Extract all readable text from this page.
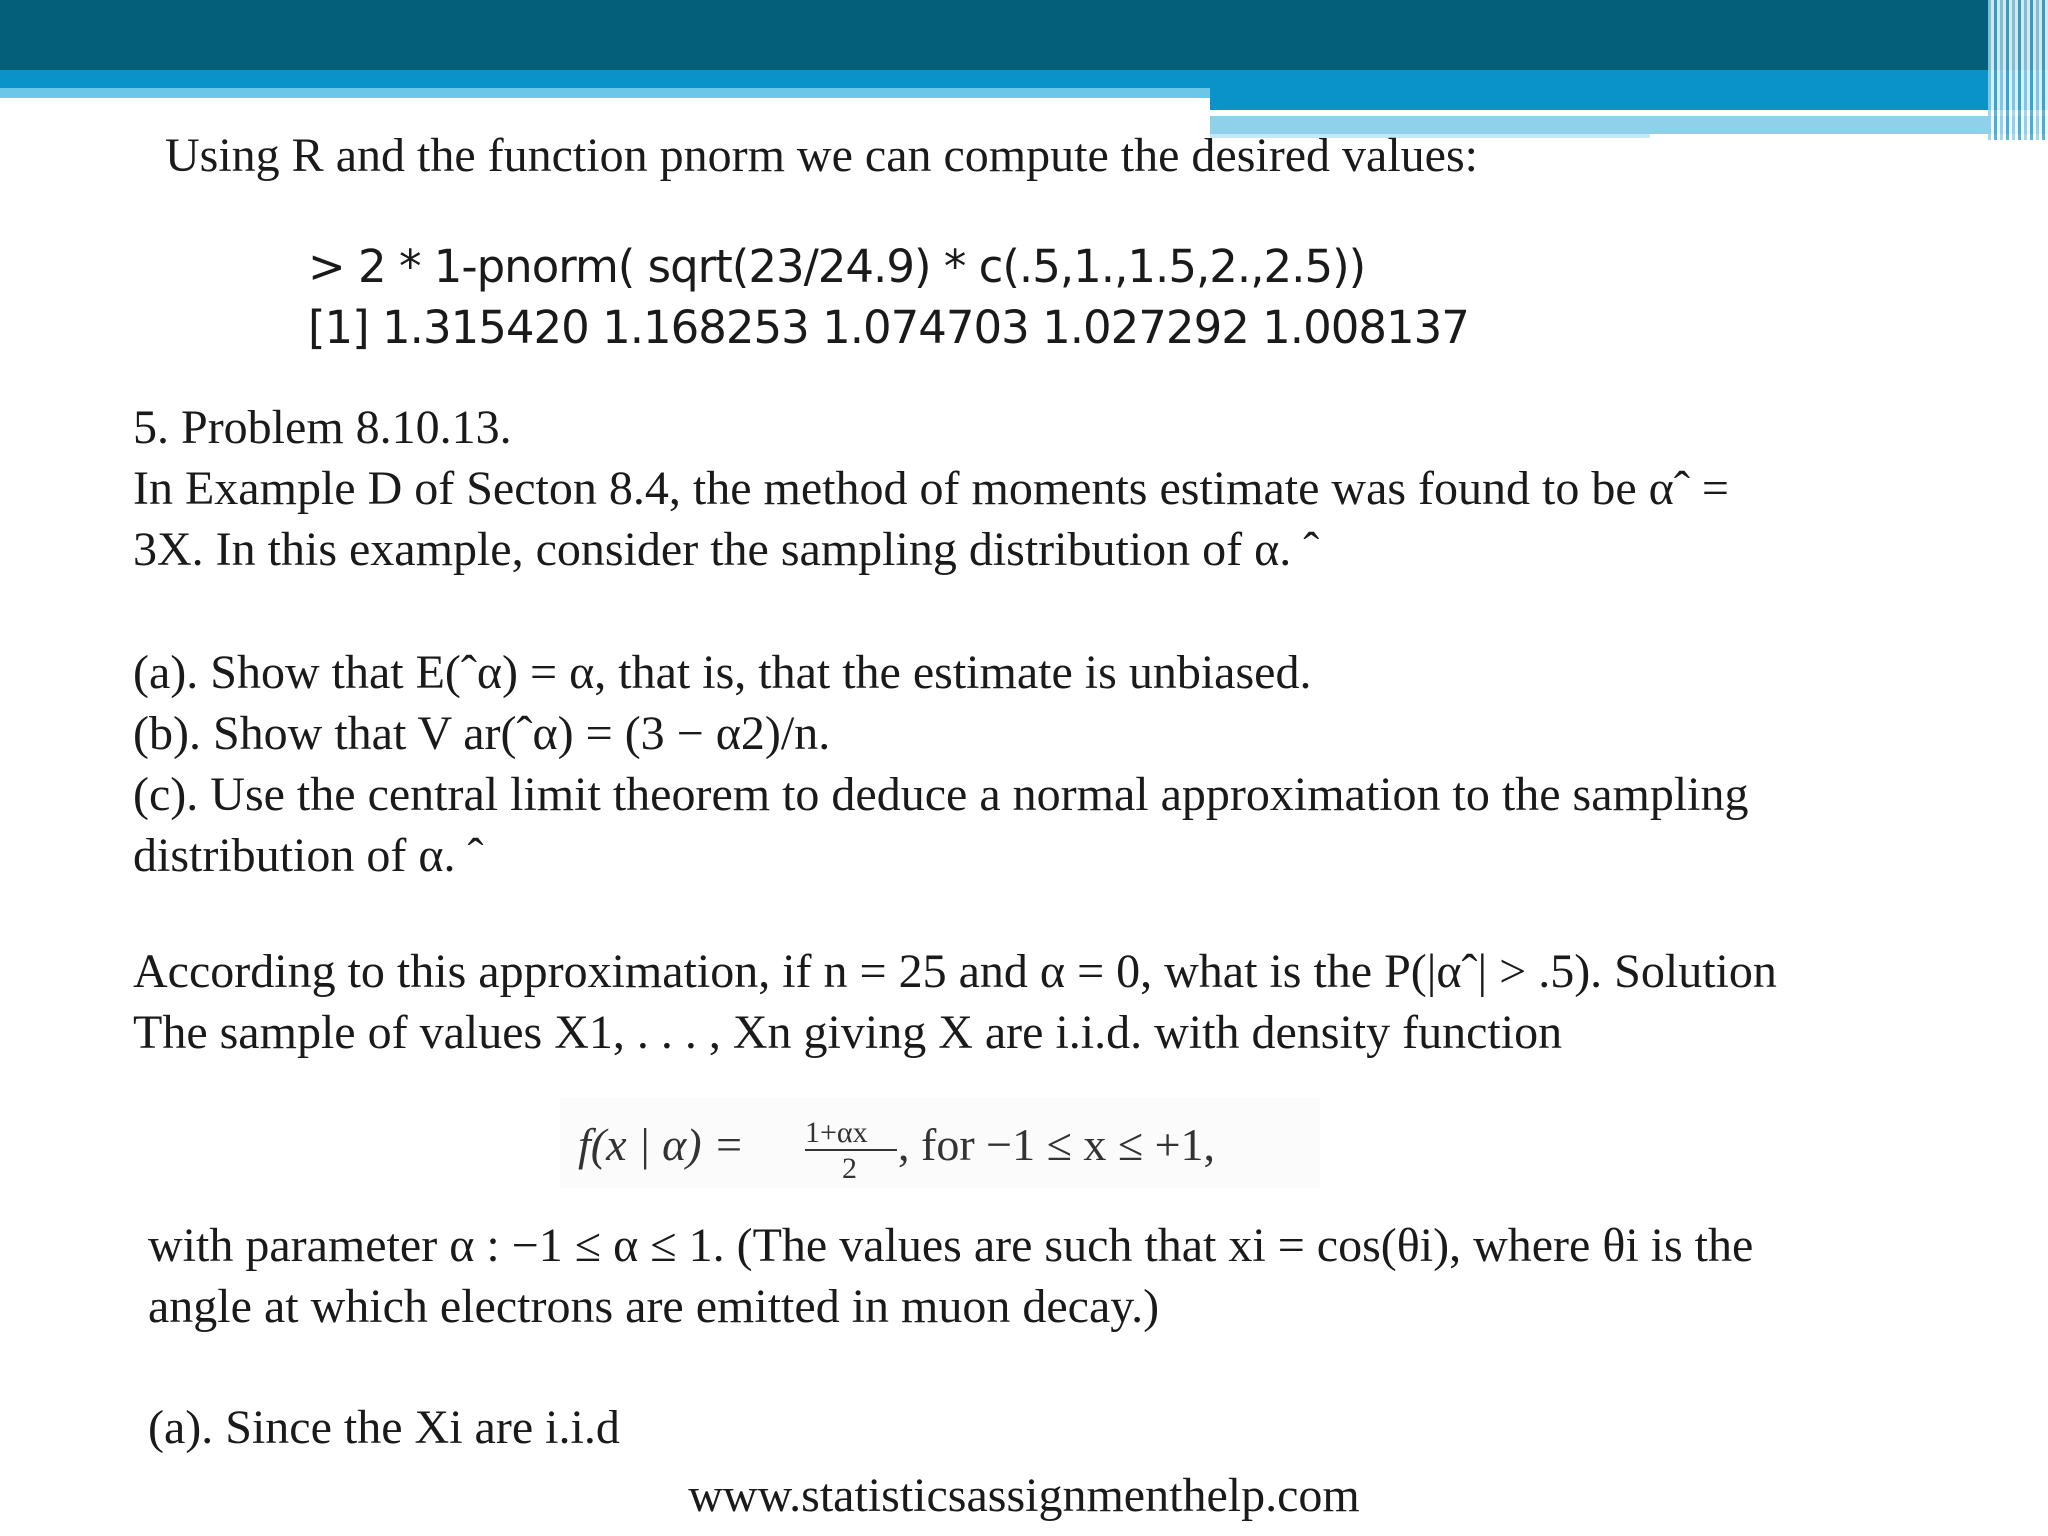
Using R and the function pnorm we can compute the desired values:
> 2 * 1-pnorm( sqrt(23/24.9) * c(.5,1.,1.5,2.,2.5))
[1] 1.315420 1.168253 1.074703 1.027292 1.008137
5. Problem 8.10.13.
In Example D of Secton 8.4, the method of moments estimate was found to be αˆ =
3X. In this example, consider the sampling distribution of α. ˆ
(a). Show that E(ˆα) = α, that is, that the estimate is unbiased.
(b). Show that V ar(ˆα) = (3 − α2)/n.
(c). Use the central limit theorem to deduce a normal approximation to the sampling
distribution of α. ˆ
According to this approximation, if n = 25 and α = 0, what is the P(|αˆ| > .5). Solution
The sample of values X1, . . . , Xn giving X are i.i.d. with density function
f(x | α) = 1+αx
2 , for −1 ≤ x ≤ +1,
with parameter α : −1 ≤ α ≤ 1. (The values are such that xi = cos(θi), where θi is the
angle at which electrons are emitted in muon decay.)
(a). Since the Xi are i.i.d
www.statisticsassignmenthelp.com
